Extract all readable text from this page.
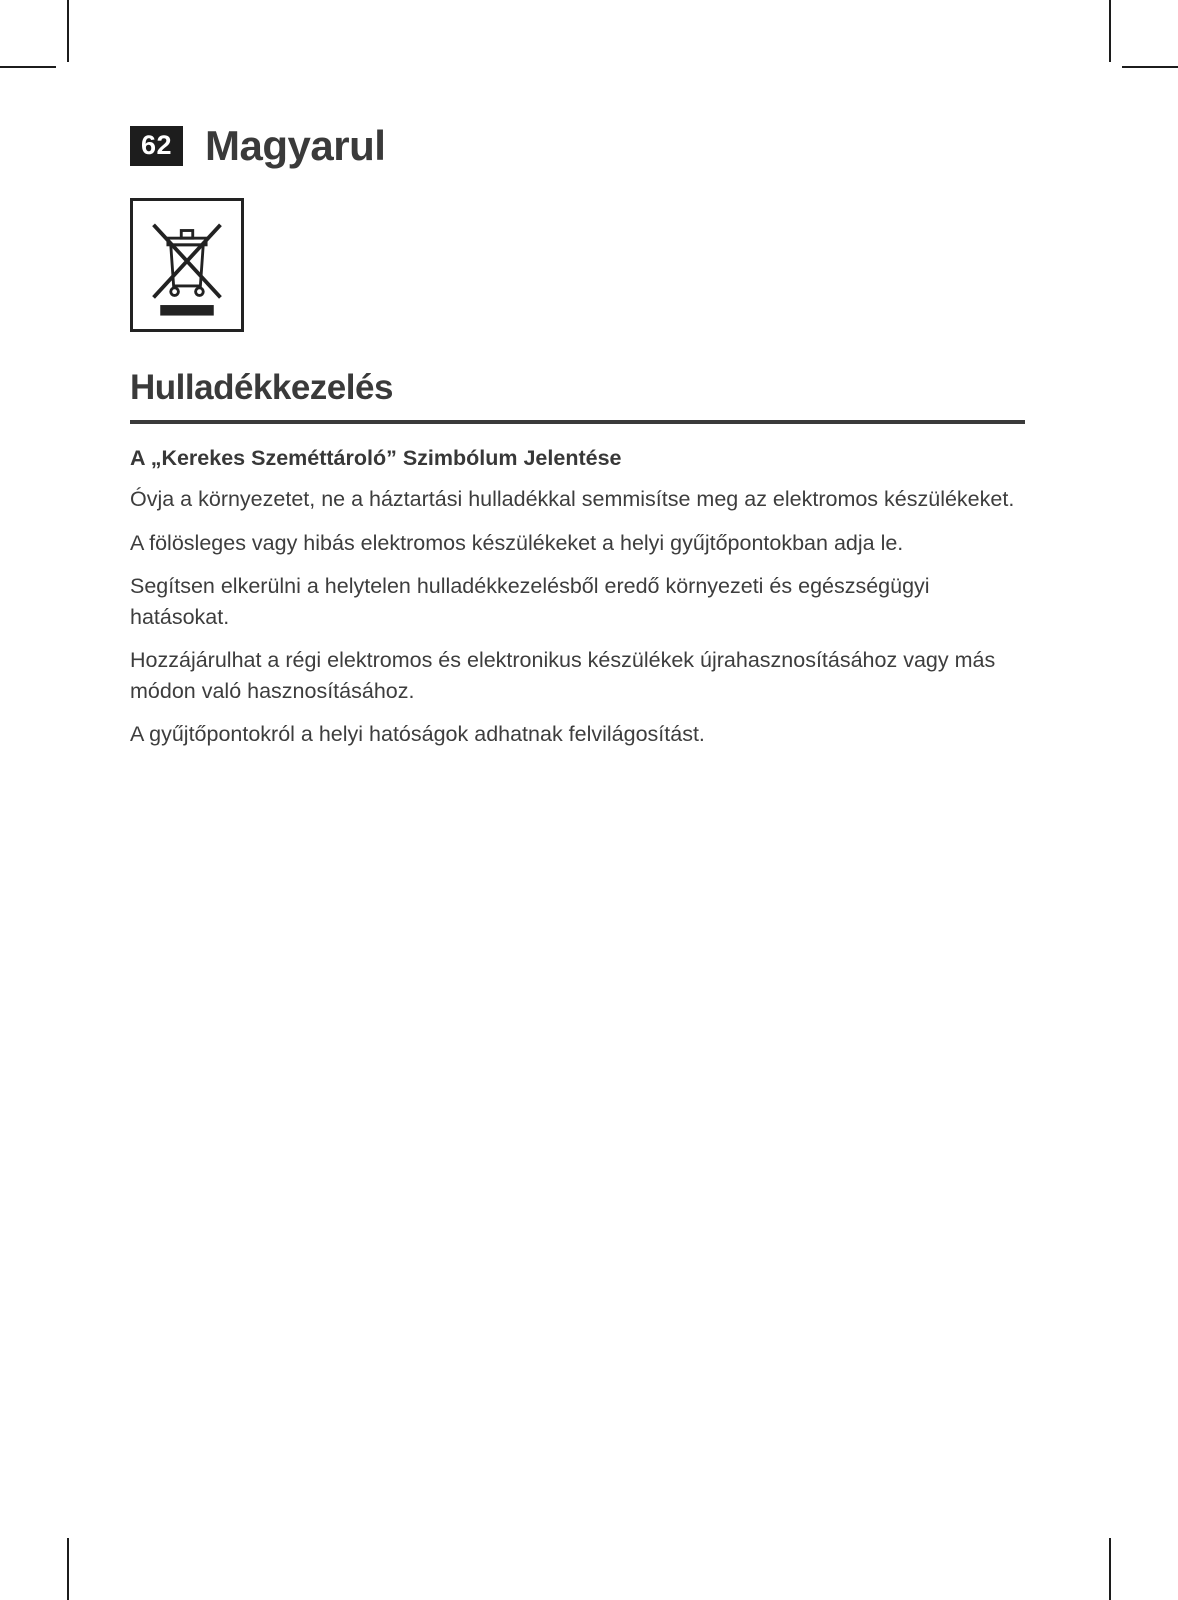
62 Magyarul
Hulladékkezelés
A „Kerekes Szeméttároló” Szimbólum Jelentése

Óvja a környezetet, ne a háztartási hulladékkal semmisítse meg az elektromos készülékeket.

A fölösleges vagy hibás elektromos készülékeket a helyi gyűjtőpontokban adja le.

Segítsen elkerülni a helytelen hulladékkezelésből eredő környezeti és egészségügyi hatásokat.

Hozzájárulhat a régi elektromos és elektronikus készülékek újrahasznosításához vagy más módon való hasznosításához.

A gyűjtőpontokról a helyi hatóságok adhatnak felvilágosítást.
